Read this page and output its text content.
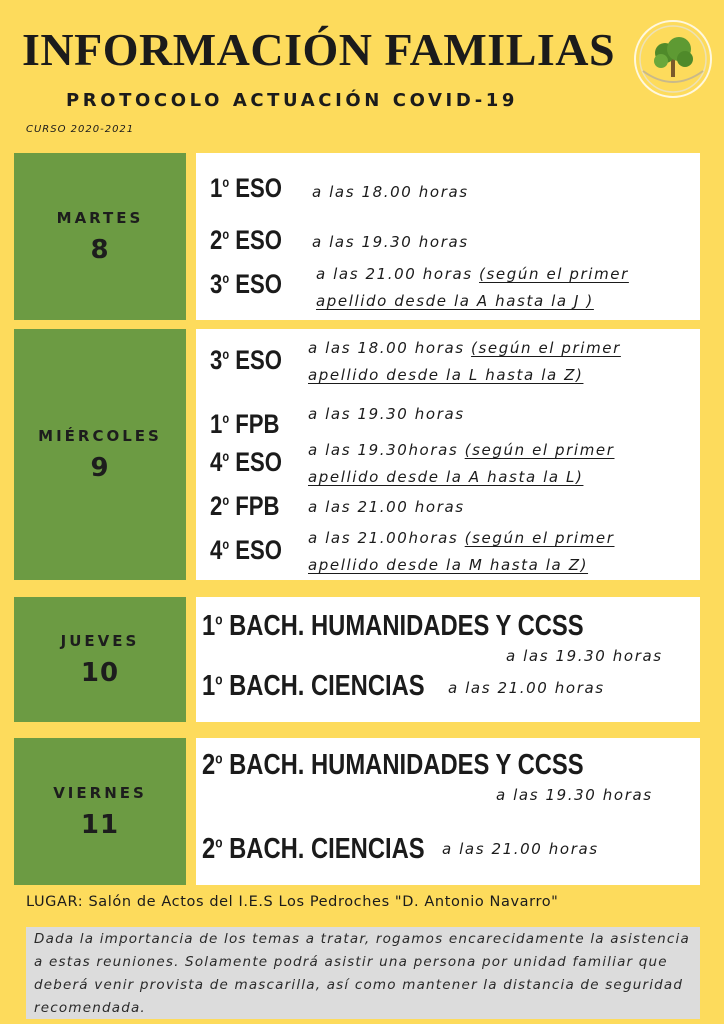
INFORMACIÓN FAMILIAS
PROTOCOLO ACTUACIÓN COVID-19
CURSO 2020-2021
MARTES
8
1$^o$ ESO a las 18.00 horas
2$^o$ ESO a las 19.30 horas
3$^o$ ESO a las 21.00 horas (según el primer
apellido desde la A hasta la J )
MIÉRCOLES
9
3$^o$ ESO a las 18.00 horas (según el primer
apellido desde la L hasta la Z)
1$^o$ FPB a las 19.30 horas
4$^o$ ESO a las 19.30horas (según el primer
apellido desde la A hasta la L)
2$^o$ FPB a las 21.00 horas
4$^o$ ESO a las 21.00horas (según el primer
apellido desde la M hasta la Z)
JUEVES
10
1$^o$ BACH. HUMANIDADES Y CCSS
a las 19.30 horas
1$^o$ BACH. CIENCIAS a las 21.00 horas
VIERNES
11
2$^o$ BACH. HUMANIDADES Y CCSS
a las 19.30 horas
2$^o$ BACH. CIENCIAS a las 21.00 horas
LUGAR: Salón de Actos del I.E.S Los Pedroches "D. Antonio Navarro"
Dada la importancia de los temas a tratar, rogamos encarecidamente la asistencia a estas reuniones. Solamente podrá asistir una persona por unidad familiar que deberá venir provista de mascarilla, así como mantener la distancia de seguridad recomendada.
